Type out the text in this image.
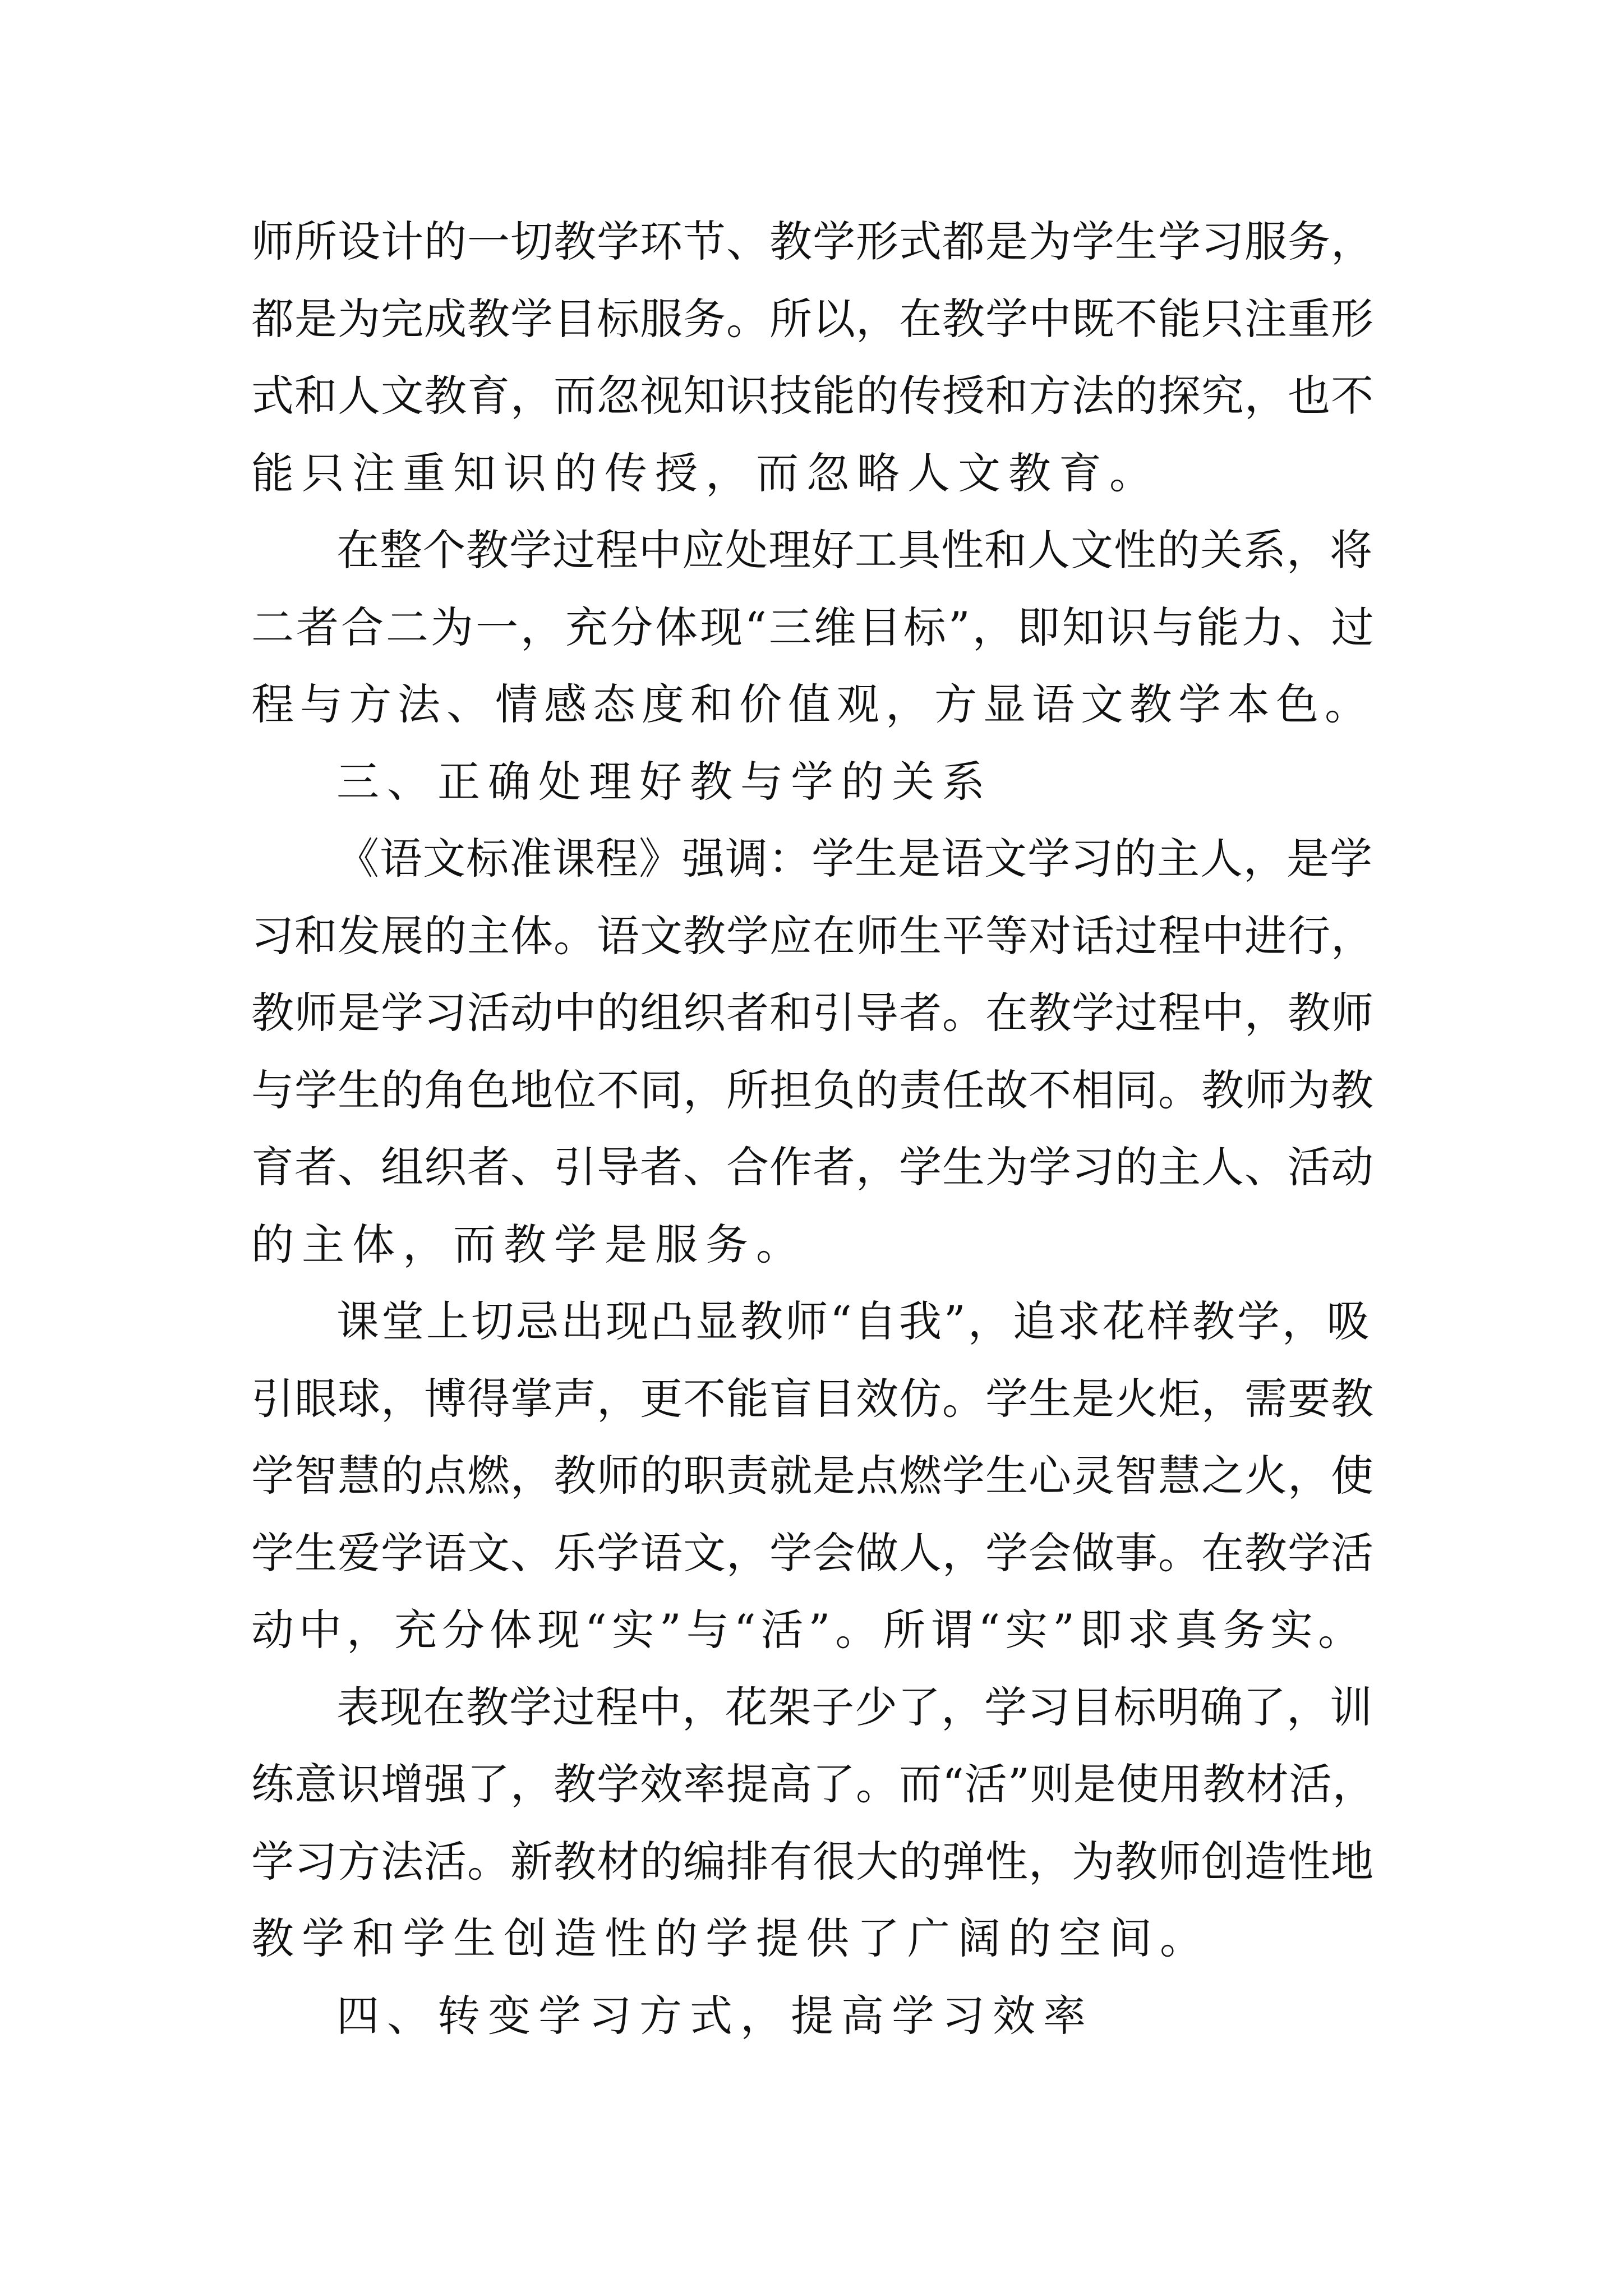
师所设计的一切教学环节、教学形式都是为学生学习服务，
都是为完成教学目标服务。所以，在教学中既不能只注重形
式和人文教育，而忽视知识技能的传授和方法的探究，也不
能只注重知识的传授，而忽略人文教育。
在整个教学过程中应处理好工具性和人文性的关系，将
二者合二为一，充分体现“三维目标”，即知识与能力、过
程与方法、情感态度和价值观，方显语文教学本色。
三、正确处理好教与学的关系
《语文标准课程》强调：学生是语文学习的主人，是学
习和发展的主体。语文教学应在师生平等对话过程中进行，
教师是学习活动中的组织者和引导者。在教学过程中，教师
与学生的角色地位不同，所担负的责任故不相同。教师为教
育者、组织者、引导者、合作者，学生为学习的主人、活动
的主体，而教学是服务。
课堂上切忌出现凸显教师“自我”，追求花样教学，吸
引眼球，博得掌声，更不能盲目效仿。学生是火炬，需要教
学智慧的点燃，教师的职责就是点燃学生心灵智慧之火，使
学生爱学语文、乐学语文，学会做人，学会做事。在教学活
动中，充分体现“实”与“活”。所谓“实”即求真务实。
表现在教学过程中，花架子少了，学习目标明确了，训
练意识增强了，教学效率提高了。而“活”则是使用教材活，
学习方法活。新教材的编排有很大的弹性，为教师创造性地
教学和学生创造性的学提供了广阔的空间。
四、转变学习方式，提高学习效率
